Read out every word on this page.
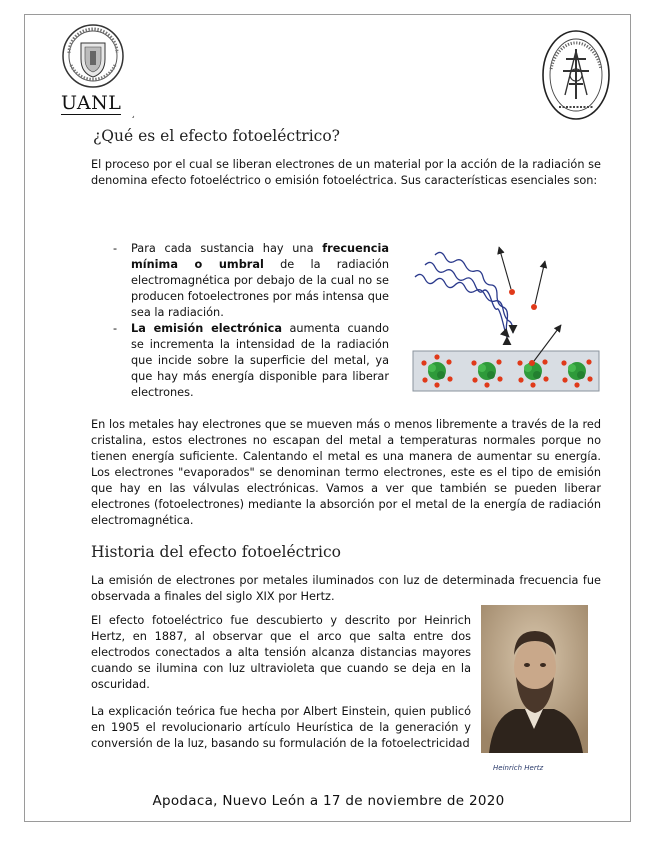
UANL ¸
¿Qué es el efecto fotoeléctrico?
El proceso por el cual se liberan electrones de un material por la acción de la radiación se denomina efecto fotoeléctrico o emisión fotoeléctrica. Sus características esenciales son:
- Para cada sustancia hay una frecuencia mínima o umbral de la radiación electromagnética por debajo de la cual no se producen fotoelectrones por más intensa que sea la radiación.
- La emisión electrónica aumenta cuando se incrementa la intensidad de la radiación que incide sobre la superficie del metal, ya que hay más energía disponible para liberar electrones.
En los metales hay electrones que se mueven más o menos libremente a través de la red cristalina, estos electrones no escapan del metal a temperaturas normales porque no tienen energía suficiente. Calentando el metal es una manera de aumentar su energía. Los electrones "evaporados" se denominan termo electrones, este es el tipo de emisión que hay en las válvulas electrónicas. Vamos a ver que también se pueden liberar electrones (fotoelectrones) mediante la absorción por el metal de la energía de radiación electromagnética.
Historia del efecto fotoeléctrico
La emisión de electrones por metales iluminados con luz de determinada frecuencia fue observada a finales del siglo XIX por Hertz.
El efecto fotoeléctrico fue descubierto y descrito por Heinrich Hertz, en 1887, al observar que el arco que salta entre dos electrodos conectados a alta tensión alcanza distancias mayores cuando se ilumina con luz ultravioleta que cuando se deja en la oscuridad.
La explicación teórica fue hecha por Albert Einstein, quien publicó en 1905 el revolucionario artículo Heurística de la generación y conversión de la luz, basando su formulación de la fotoelectricidad
Heinrich Hertz
Apodaca, Nuevo León a 17 de noviembre de 2020
